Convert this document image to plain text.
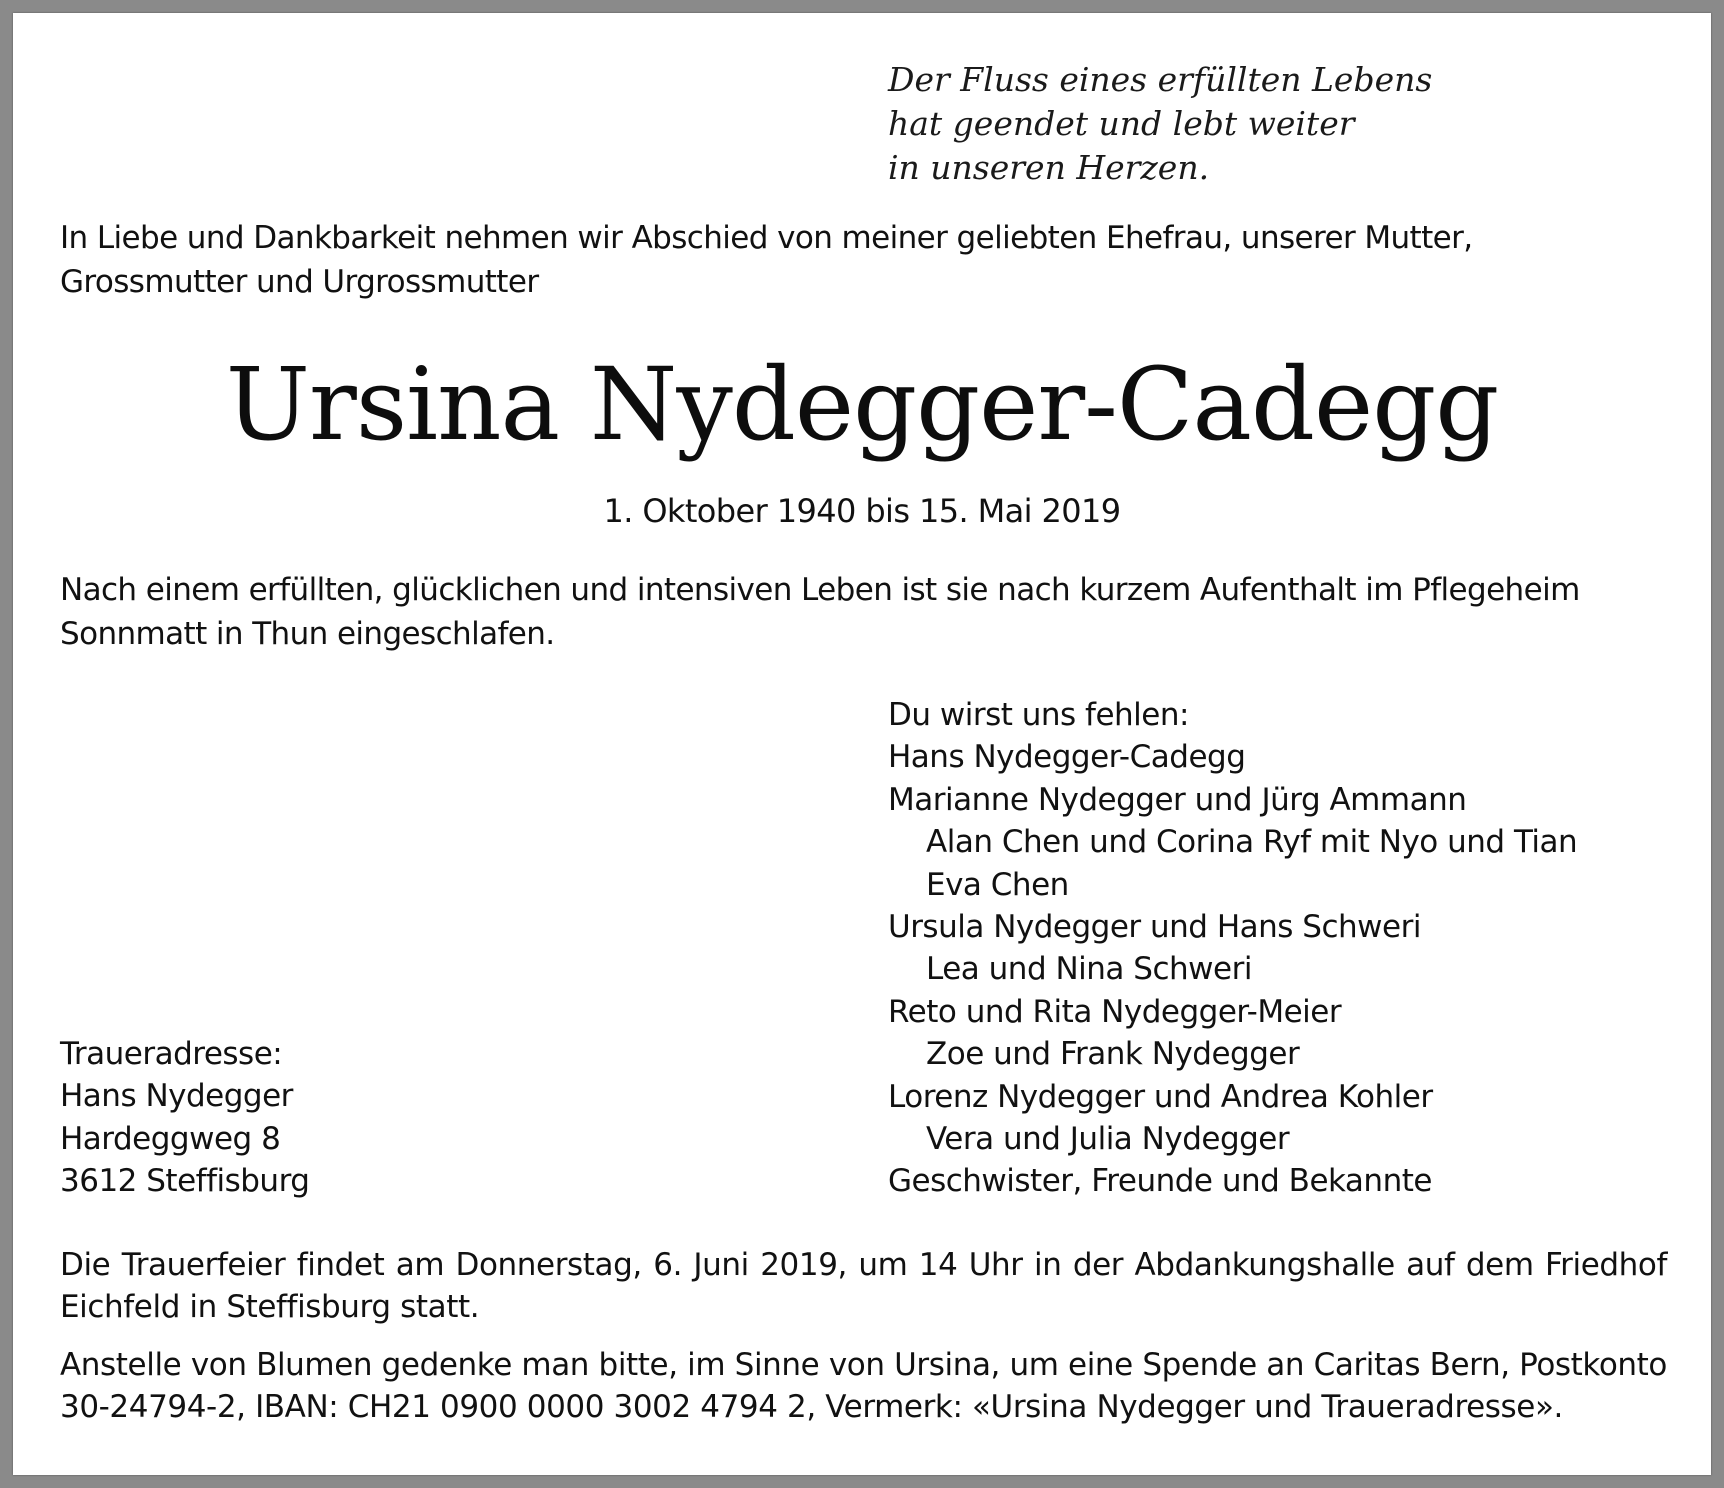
Der Fluss eines erfüllten Lebens
hat geendet und lebt weiter
in unseren Herzen.
In Liebe und Dankbarkeit nehmen wir Abschied von meiner geliebten Ehefrau, unserer Mutter, Grossmutter und Urgrossmutter
Ursina Nydegger-Cadegg
1. Oktober 1940 bis 15. Mai 2019
Nach einem erfüllten, glücklichen und intensiven Leben ist sie nach kurzem Aufenthalt im Pflegeheim Sonnmatt in Thun eingeschlafen.
Du wirst uns fehlen:
Hans Nydegger-Cadegg
Marianne Nydegger und Jürg Ammann
Alan Chen und Corina Ryf mit Nyo und Tian
Eva Chen
Ursula Nydegger und Hans Schweri
Lea und Nina Schweri
Reto und Rita Nydegger-Meier
Zoe und Frank Nydegger
Lorenz Nydegger und Andrea Kohler
Vera und Julia Nydegger
Geschwister, Freunde und Bekannte
Traueradresse:
Hans Nydegger
Hardeggweg 8
3612 Steffisburg
Die Trauerfeier findet am Donnerstag, 6. Juni 2019, um 14 Uhr in der Abdankungshalle auf dem Friedhof Eichfeld in Steffisburg statt.
Anstelle von Blumen gedenke man bitte, im Sinne von Ursina, um eine Spende an Caritas Bern, Postkonto 30-24794-2, IBAN: CH21 0900 0000 3002 4794 2, Vermerk: «Ursina Nydegger und Traueradresse».
